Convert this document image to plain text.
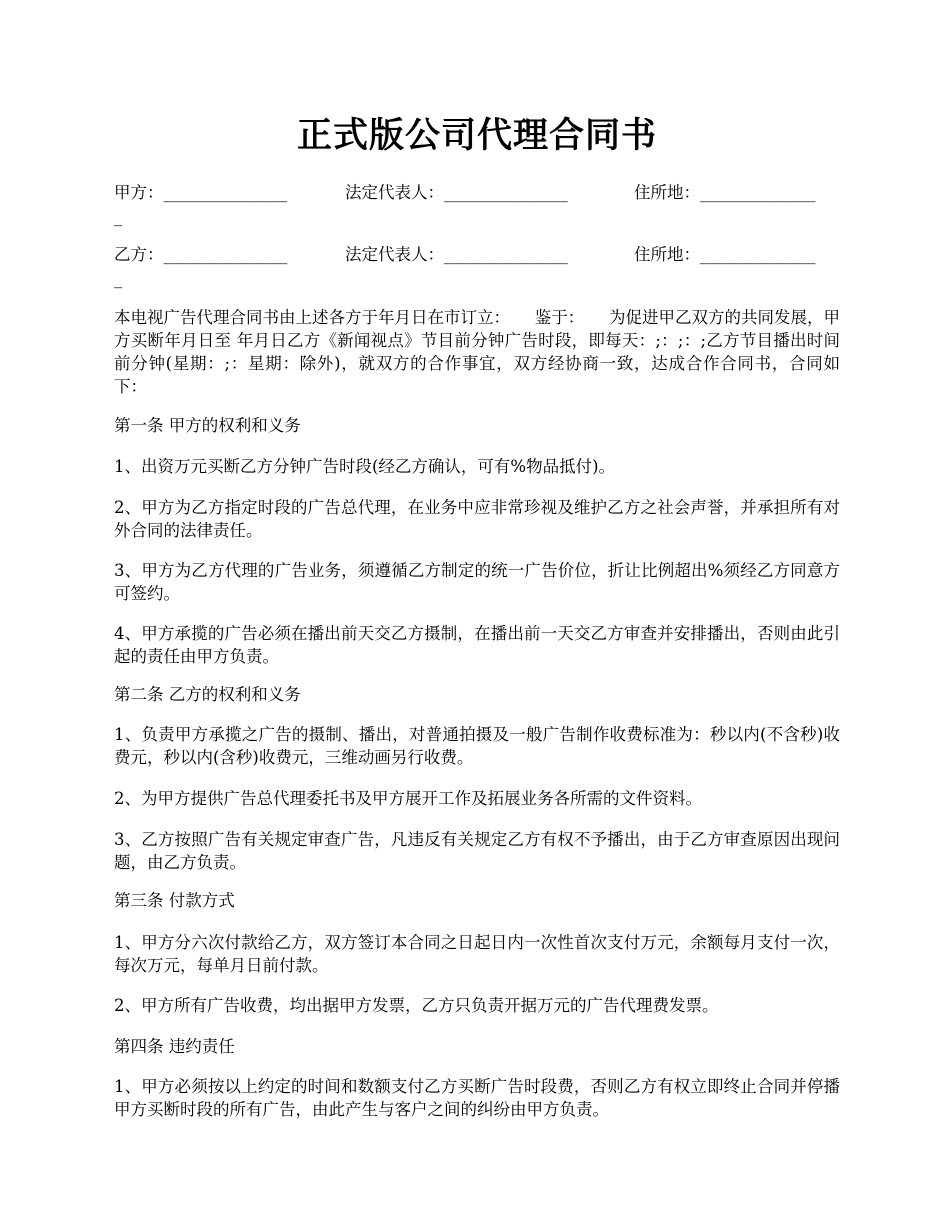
正式版公司代理合同书
甲方：_______________	法定代表人：_______________	住所地：______________
_
乙方：_______________	法定代表人：_______________	住所地：______________
_

本电视广告代理合同书由上述各方于年月日在市订立：　　鉴于：　　为促进甲乙双方的共同发展，甲方买断年月日至 年月日乙方《新闻视点》节目前分钟广告时段，即每天：;：;：;乙方节目播出时间前分钟(星期：;：星期：除外)，就双方的合作事宜，双方经协商一致，达成合作合同书，合同如下：

第一条 甲方的权利和义务

1、出资万元买断乙方分钟广告时段(经乙方确认，可有%物品抵付)。

2、甲方为乙方指定时段的广告总代理，在业务中应非常珍视及维护乙方之社会声誉，并承担所有对外合同的法律责任。

3、甲方为乙方代理的广告业务，须遵循乙方制定的统一广告价位，折让比例超出%须经乙方同意方可签约。

4、甲方承揽的广告必须在播出前天交乙方摄制，在播出前一天交乙方审查并安排播出，否则由此引起的责任由甲方负责。

第二条 乙方的权利和义务

1、负责甲方承揽之广告的摄制、播出，对普通拍摄及一般广告制作收费标准为：秒以内(不含秒)收费元，秒以内(含秒)收费元，三维动画另行收费。

2、为甲方提供广告总代理委托书及甲方展开工作及拓展业务各所需的文件资料。

3、乙方按照广告有关规定审查广告，凡违反有关规定乙方有权不予播出，由于乙方审查原因出现问题，由乙方负责。

第三条 付款方式

1、甲方分六次付款给乙方，双方签订本合同之日起日内一次性首次支付万元，余额每月支付一次，每次万元，每单月日前付款。

2、甲方所有广告收费，均出据甲方发票，乙方只负责开据万元的广告代理费发票。

第四条 违约责任

1、甲方必须按以上约定的时间和数额支付乙方买断广告时段费，否则乙方有权立即终止合同并停播甲方买断时段的所有广告，由此产生与客户之间的纠纷由甲方负责。
